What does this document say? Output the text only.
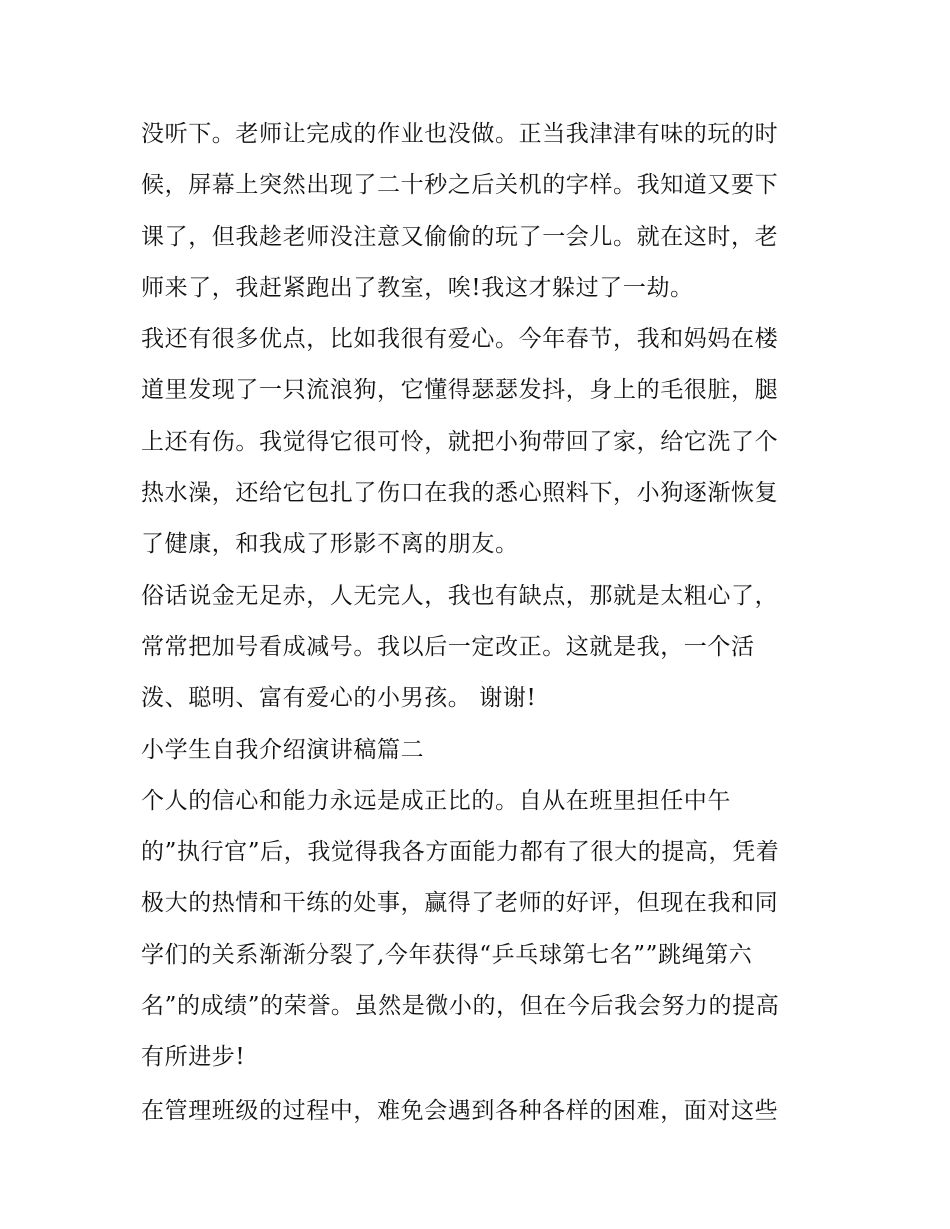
没听下。老师让完成的作业也没做。正当我津津有味的玩的时
候，屏幕上突然出现了二十秒之后关机的字样。我知道又要下
课了，但我趁老师没注意又偷偷的玩了一会儿。就在这时，老
师来了，我赶紧跑出了教室，唉!我这才躲过了一劫。
我还有很多优点，比如我很有爱心。今年春节，我和妈妈在楼
道里发现了一只流浪狗，它懂得瑟瑟发抖，身上的毛很脏，腿
上还有伤。我觉得它很可怜，就把小狗带回了家，给它洗了个
热水澡，还给它包扎了伤口在我的悉心照料下，小狗逐渐恢复
了健康，和我成了形影不离的朋友。
俗话说金无足赤，人无完人，我也有缺点，那就是太粗心了，
常常把加号看成减号。我以后一定改正。这就是我，一个活
泼、聪明、富有爱心的小男孩。 谢谢!
小学生自我介绍演讲稿篇二
个人的信心和能力永远是成正比的。自从在班里担任中午
的”执行官”后，我觉得我各方面能力都有了很大的提高，凭着
极大的热情和干练的处事，赢得了老师的好评，但现在我和同
学们的关系渐渐分裂了,今年获得“乒乓球第七名””跳绳第六
名”的成绩”的荣誉。虽然是微小的，但在今后我会努力的提高
有所进步!
在管理班级的过程中，难免会遇到各种各样的困难，面对这些
